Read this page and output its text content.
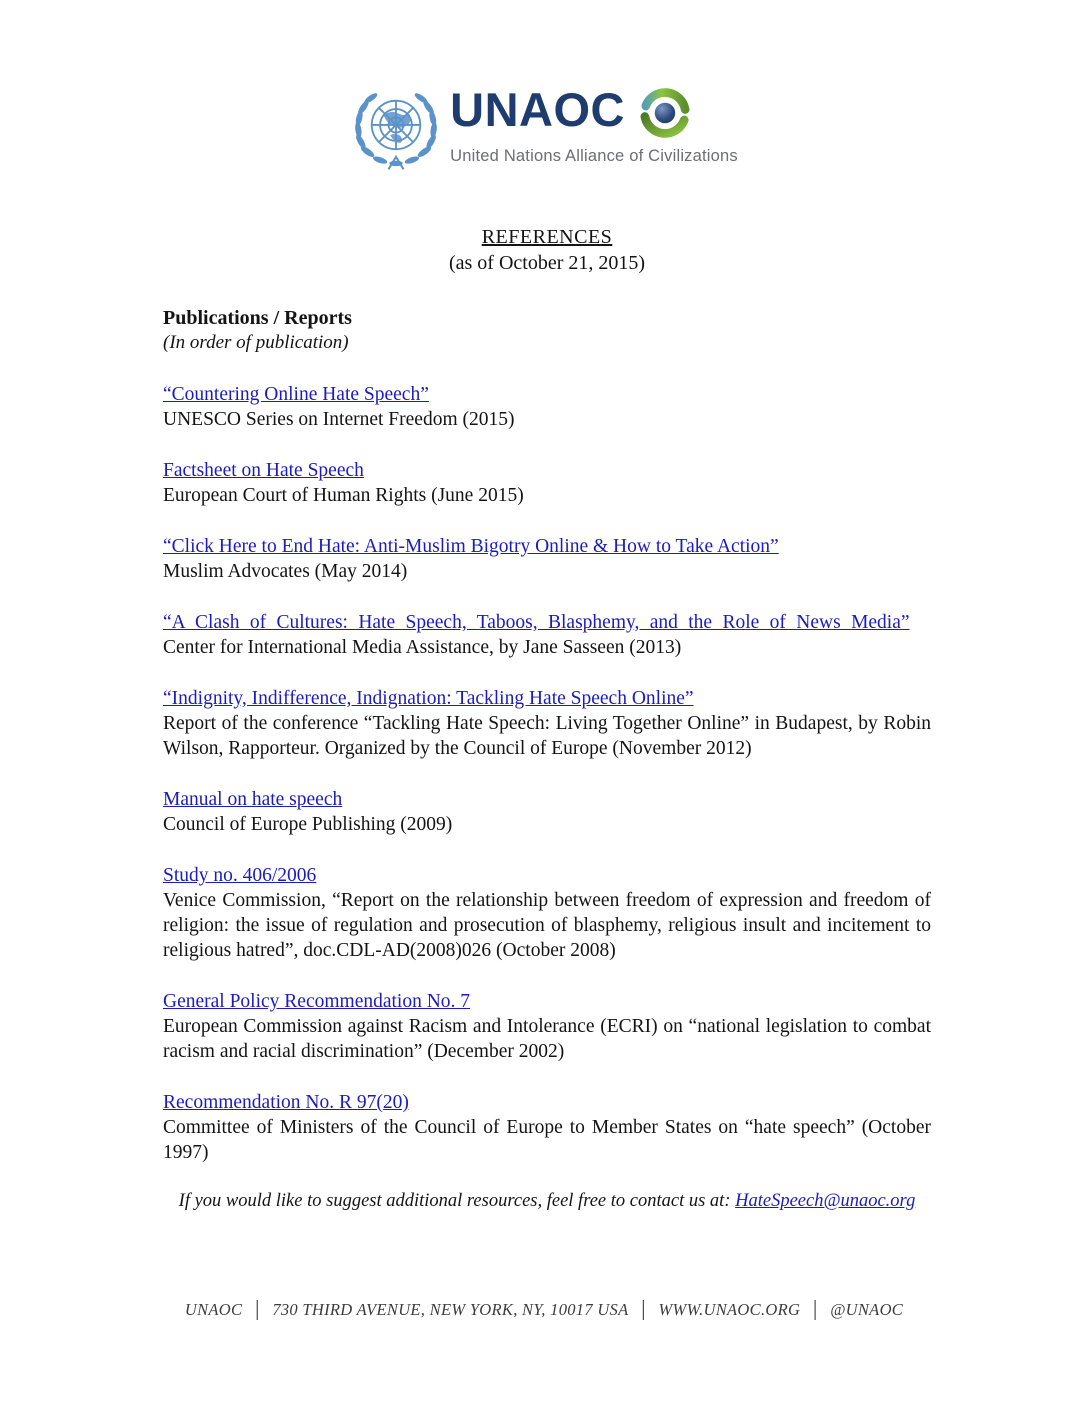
UNAOC
United Nations Alliance of Civilizations
REFERENCES
(as of October 21, 2015)
Publications / Reports
(In order of publication)
“Countering Online Hate Speech”
UNESCO Series on Internet Freedom (2015)
Factsheet on Hate Speech
European Court of Human Rights (June 2015)
“Click Here to End Hate: Anti-Muslim Bigotry Online & How to Take Action”
Muslim Advocates (May 2014)
“A Clash of Cultures: Hate Speech, Taboos, Blasphemy, and the Role of News Media”
Center for International Media Assistance, by Jane Sasseen (2013)
“Indignity, Indifference, Indignation: Tackling Hate Speech Online”
Report of the conference “Tackling Hate Speech: Living Together Online” in Budapest, by Robin Wilson, Rapporteur. Organized by the Council of Europe (November 2012)
Manual on hate speech
Council of Europe Publishing (2009)
Study no. 406/2006
Venice Commission, “Report on the relationship between freedom of expression and freedom of religion: the issue of regulation and prosecution of blasphemy, religious insult and incitement to religious hatred”, doc.CDL-AD(2008)026 (October 2008)
General Policy Recommendation No. 7
European Commission against Racism and Intolerance (ECRI) on “national legislation to combat racism and racial discrimination” (December 2002)
Recommendation No. R 97(20)
Committee of Ministers of the Council of Europe to Member States on “hate speech” (October 1997)
If you would like to suggest additional resources, feel free to contact us at: HateSpeech@unaoc.org
UNAOC │ 730 THIRD AVENUE, NEW YORK, NY, 10017 USA │ WWW.UNAOC.ORG │ @UNAOC
